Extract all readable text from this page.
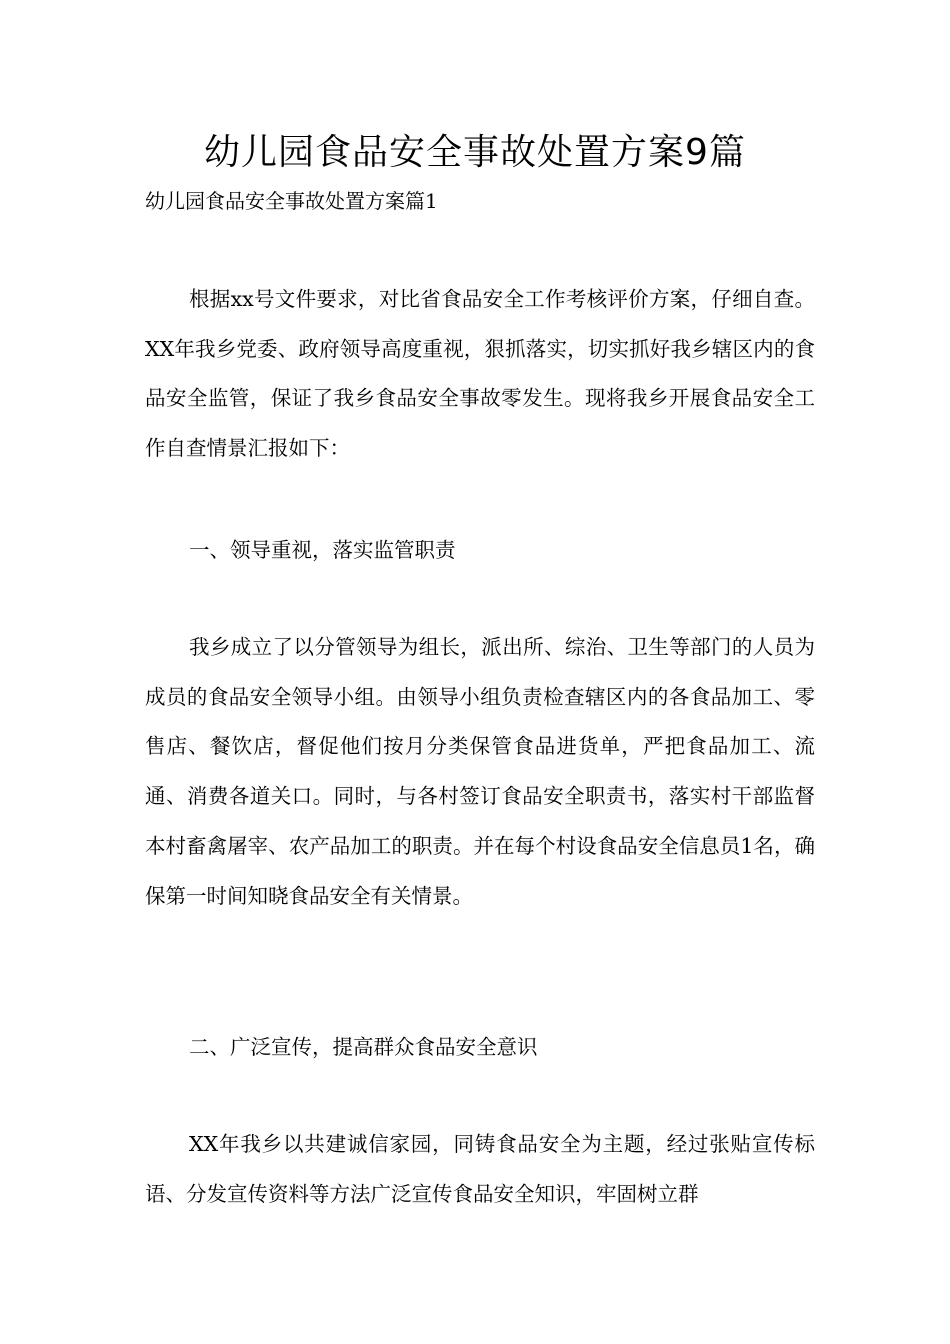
幼儿园食品安全事故处置方案9篇
幼儿园食品安全事故处置方案篇1

根据xx号文件要求，对比省食品安全工作考核评价方案，仔细自查。XX年我乡党委、政府领导高度重视，狠抓落实，切实抓好我乡辖区内的食品安全监管，保证了我乡食品安全事故零发生。现将我乡开展食品安全工作自查情景汇报如下：

一、领导重视，落实监管职责

我乡成立了以分管领导为组长，派出所、综治、卫生等部门的人员为成员的食品安全领导小组。由领导小组负责检查辖区内的各食品加工、零售店、餐饮店，督促他们按月分类保管食品进货单，严把食品加工、流通、消费各道关口。同时，与各村签订食品安全职责书，落实村干部监督本村畜禽屠宰、农产品加工的职责。并在每个村设食品安全信息员1名，确保第一时间知晓食品安全有关情景。

二、广泛宣传，提高群众食品安全意识

XX年我乡以共建诚信家园，同铸食品安全为主题，经过张贴宣传标语、分发宣传资料等方法广泛宣传食品安全知识，牢固树立群
